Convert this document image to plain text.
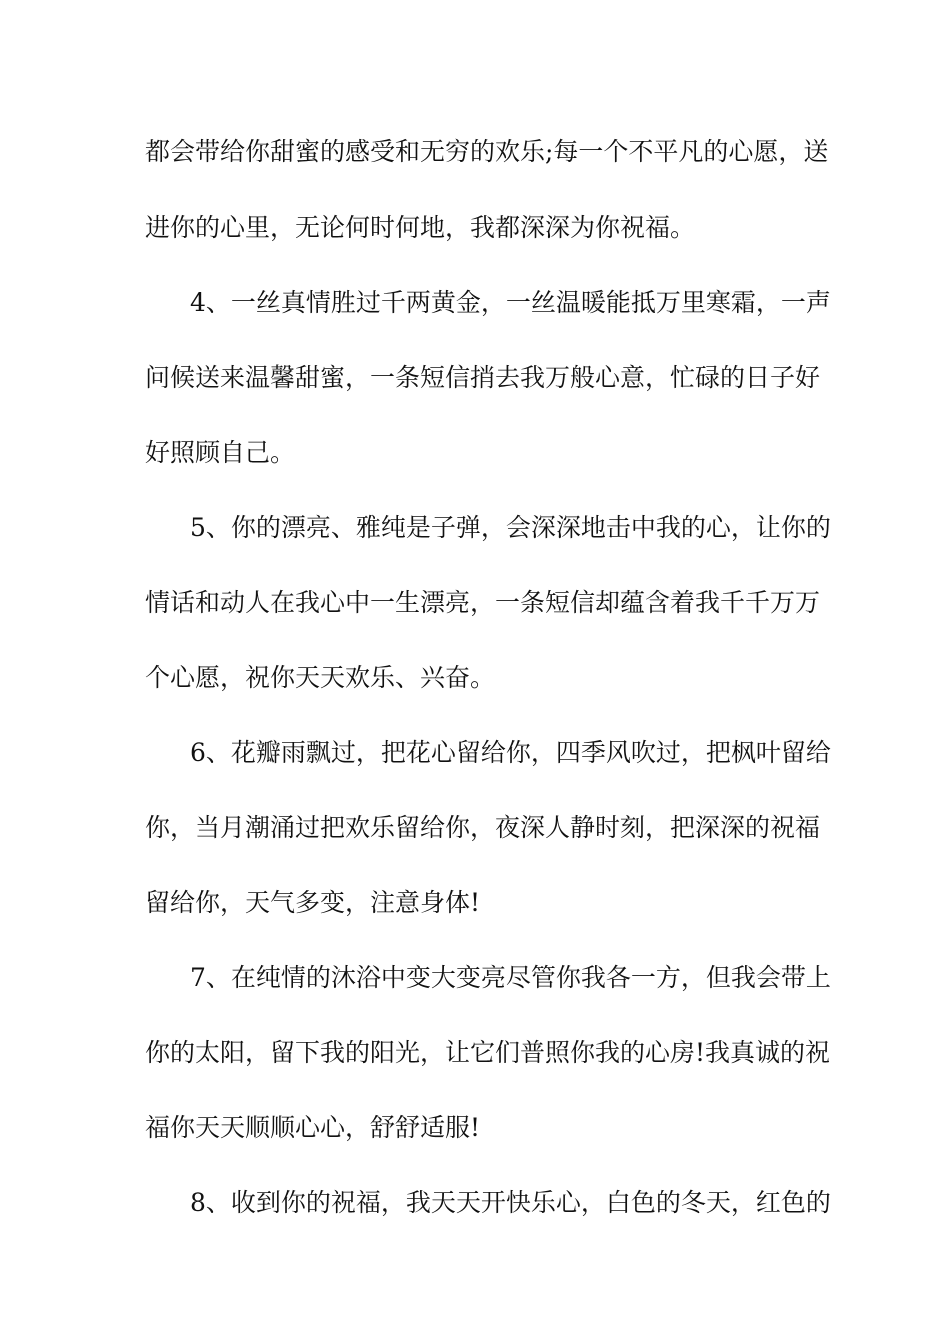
都会带给你甜蜜的感受和无穷的欢乐;每一个不平凡的心愿，送
进你的心里，无论何时何地，我都深深为你祝福。
4、一丝真情胜过千两黄金，一丝温暖能抵万里寒霜，一声
问候送来温馨甜蜜，一条短信捎去我万般心意，忙碌的日子好
好照顾自己。
5、你的漂亮、雅纯是子弹，会深深地击中我的心，让你的
情话和动人在我心中一生漂亮，一条短信却蕴含着我千千万万
个心愿，祝你天天欢乐、兴奋。
6、花瓣雨飘过，把花心留给你，四季风吹过，把枫叶留给
你，当月潮涌过把欢乐留给你，夜深人静时刻，把深深的祝福
留给你，天气多变，注意身体!
7、在纯情的沐浴中变大变亮尽管你我各一方，但我会带上
你的太阳，留下我的阳光，让它们普照你我的心房!我真诚的祝
福你天天顺顺心心，舒舒适服!
8、收到你的祝福，我天天开快乐心，白色的冬天，红色的
